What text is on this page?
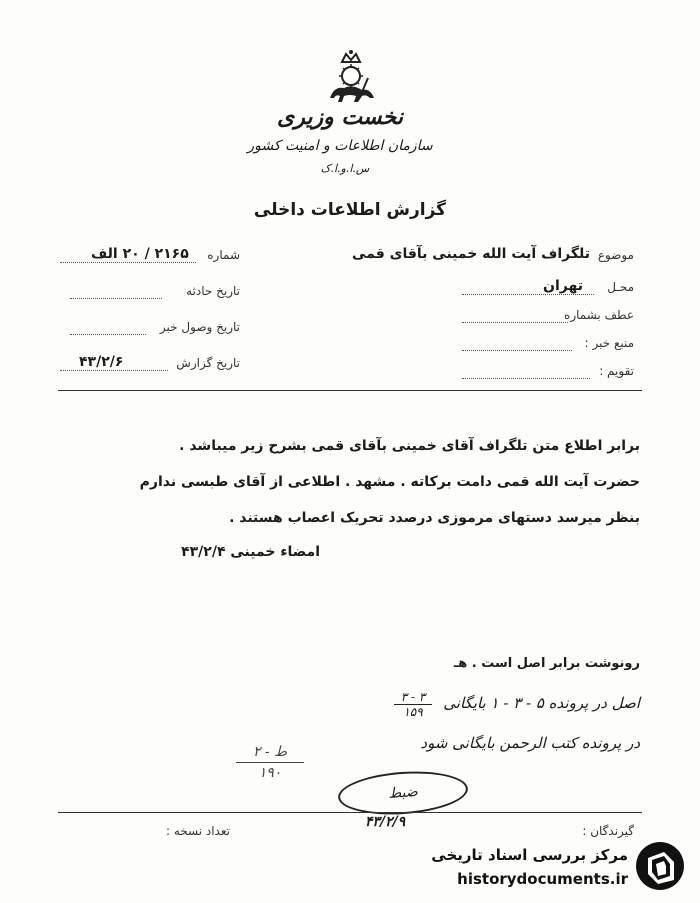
نخست وزیری
سازمان اطلاعات و امنیت کشور
س.ا.و.ا.ک
گزارش اطلاعات داخلی
شماره
۲۱۶۵ / ۲۰ الف
تاریخ حادثه
تاریخ وصول خبر
تاریخ گزارش
۴۳/۲/۶
موضوع
تلگراف آیت الله خمینی بآقای قمی
محـل
تهران
عطف بشماره
منبع خبر :
تقویم :
برابر اطلاع متن تلگراف آقای خمینی بآقای قمی بشرح زیر میباشد .
حضرت آیت الله قمی دامت برکاته . مشهد . اطلاعی از آقای طبسی ندارم
بنظر میرسد دستهای مرموزی درصدد تحریک اعصاب هستند .
امضاء خمینی ۴۳/۲/۴
رونوشت برابر اصل است . هـ
اصل در پرونده ۵ - ۳ - ۱ بایگانی
۳ - ۳
۱۵۹
در پرونده کتب الرحمن بایگانی شود
ط - ۲
۱۹۰
ضبط
۴۳/۲/۹
گیرندگان :
تعداد نسخه :
مرکز بررسی اسناد تاریخی
historydocuments.ir
